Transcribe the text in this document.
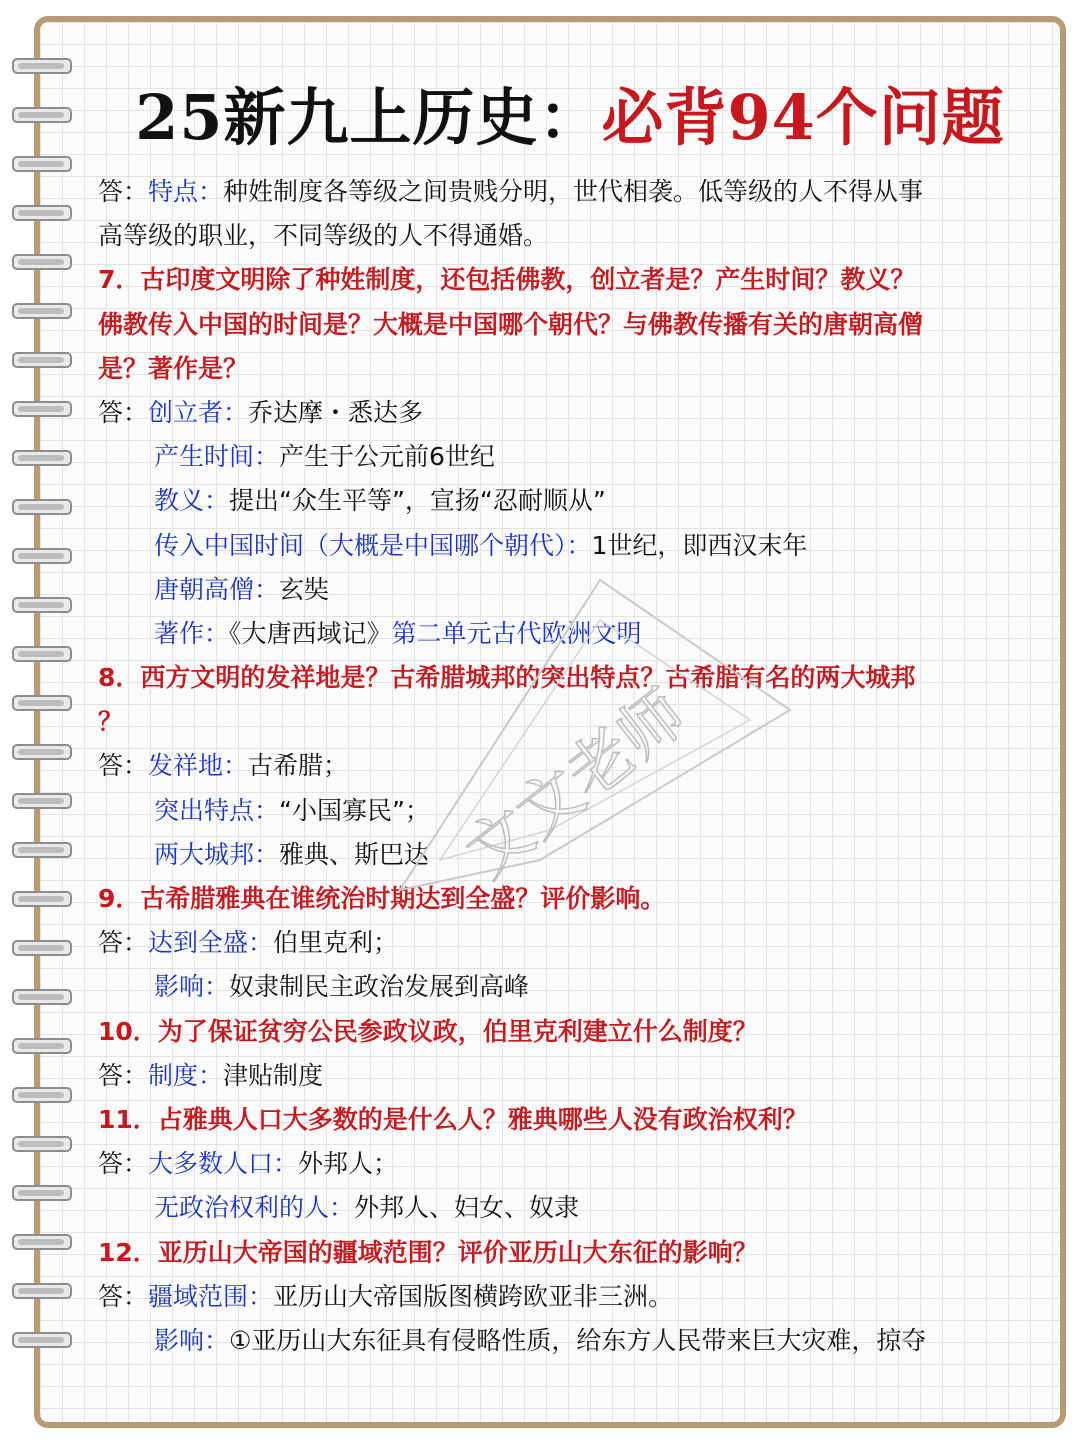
25新九上历史：必背94个问题
答：特点：种姓制度各等级之间贵贱分明，世代相袭。低等级的人不得从事
高等级的职业，不同等级的人不得通婚。
7．古印度文明除了种姓制度，还包括佛教，创立者是？产生时间？教义？
佛教传入中国的时间是？大概是中国哪个朝代？与佛教传播有关的唐朝高僧
是？著作是？
答：创立者：乔达摩・悉达多
产生时间：产生于公元前6世纪
教义：提出“众生平等”，宣扬“忍耐顺从”
传入中国时间（大概是中国哪个朝代）：1世纪，即西汉末年
唐朝高僧：玄奘
著作：《大唐西域记》第二单元古代欧洲文明
8．西方文明的发祥地是？古希腊城邦的突出特点？古希腊有名的两大城邦
？
答：发祥地：古希腊；
突出特点：“小国寡民”；
两大城邦：雅典、斯巴达
9．古希腊雅典在谁统治时期达到全盛？评价影响。
答：达到全盛：伯里克利；
影响：奴隶制民主政治发展到高峰
10．为了保证贫穷公民参政议政，伯里克利建立什么制度？
答：制度：津贴制度
11．占雅典人口大多数的是什么人？雅典哪些人没有政治权利？
答：大多数人口：外邦人；
无政治权利的人：外邦人、妇女、奴隶
12．亚历山大帝国的疆域范围？评价亚历山大东征的影响？
答：疆域范围：亚历山大帝国版图横跨欧亚非三洲。
影响：①亚历山大东征具有侵略性质，给东方人民带来巨大灾难，掠夺
文文老师
